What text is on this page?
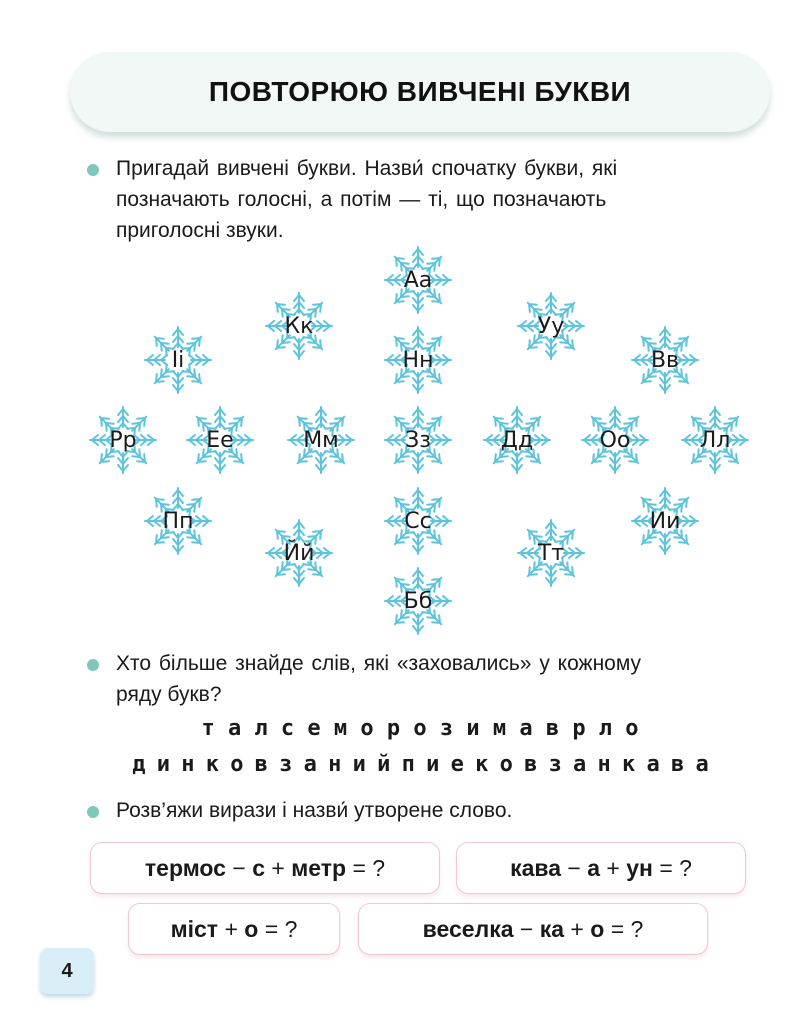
ПОВТОРЮЮ ВИВЧЕНІ БУКВИ

Пригадай вивчені букви. Назви́ спочатку букви, які

позначають голосні, а потім — ті, що позначають

приголосні звуки.

Аа
Кк	Уу
Іі	Нн	Вв
Рр	Ее	Мм	Зз	Дд	Оо	Лл
Пп	Ии
Сс
Йй	Тт
Бб

Хто більше знайде слів, які «заховались» у кожному

ряду букв?

т а л с е м о р о з и м а в р л о

д и н к о в з а н и й п и е к о в з а н к а в а

Розв’яжи вирази і назви́ утворене слово.

термос − с + метр = ?	кава − а + ун = ?
міст + о = ?	веселка − ка + о = ?
4
